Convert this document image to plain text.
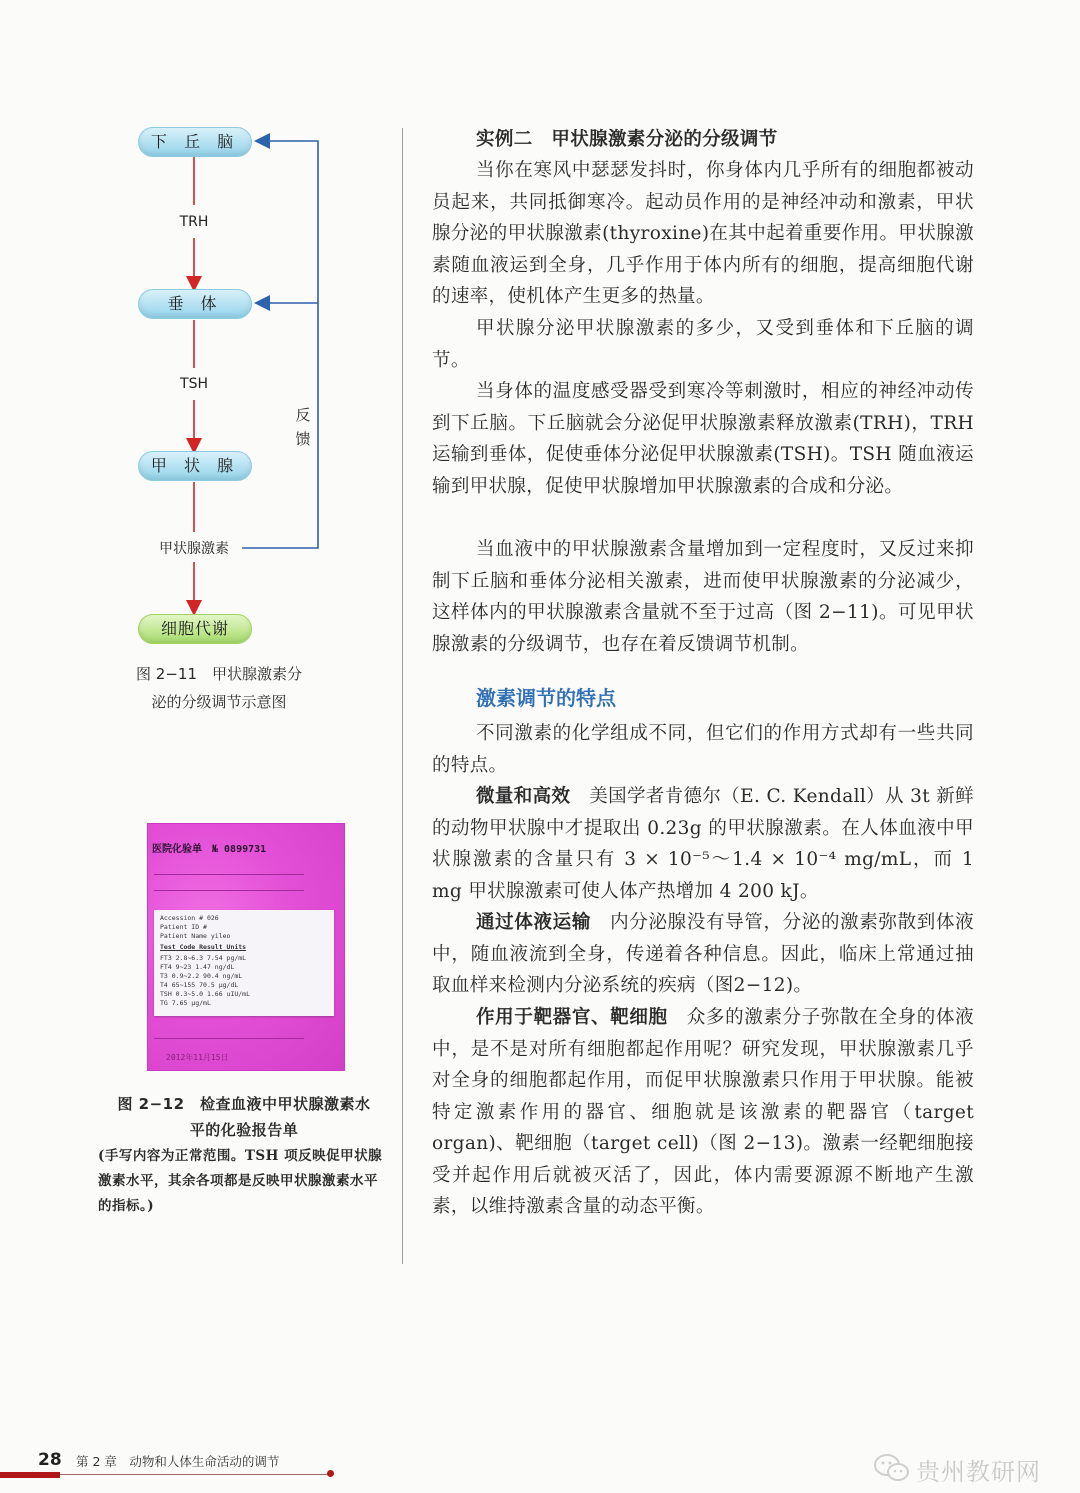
下 丘 脑
TRH
垂 体
TSH
甲 状 腺
甲状腺激素
细胞代谢
反
馈
图 2−11　甲状腺激素分
泌的分级调节示意图
医院化验单　№ 0899731
Accession # 026
Patient ID #
Patient Name yileo
Test Code Result Units
FT3 2.8~6.3 7.54 pg/mL
FT4 9~23 1.47 ng/dL
T3 0.9~2.2 90.4 ng/mL
T4 65~155 70.5 μg/dL
TSH 0.3~5.0 1.66 uIU/mL
TG 7.65 μg/mL
2012年11月15日
图 2−12　检查血液中甲状腺激素水
平的化验报告单
(手写内容为正常范围。TSH 项反映促甲状腺激素水平，其余各项都是反映甲状腺激素水平的指标。)
实例二　甲状腺激素分泌的分级调节
当你在寒风中瑟瑟发抖时，你身体内几乎所有的细胞都被动员起来，共同抵御寒冷。起动员作用的是神经冲动和激素，甲状腺分泌的甲状腺激素(thyroxine)在其中起着重要作用。甲状腺激素随血液运到全身，几乎作用于体内所有的细胞，提高细胞代谢的速率，使机体产生更多的热量。
甲状腺分泌甲状腺激素的多少，又受到垂体和下丘脑的调节。
当身体的温度感受器受到寒冷等刺激时，相应的神经冲动传到下丘脑。下丘脑就会分泌促甲状腺激素释放激素(TRH)，TRH 运输到垂体，促使垂体分泌促甲状腺激素(TSH)。TSH 随血液运输到甲状腺，促使甲状腺增加甲状腺激素的合成和分泌。
当血液中的甲状腺激素含量增加到一定程度时，又反过来抑制下丘脑和垂体分泌相关激素，进而使甲状腺激素的分泌减少，这样体内的甲状腺激素含量就不至于过高（图 2−11)。可见甲状腺激素的分级调节，也存在着反馈调节机制。
激素调节的特点
不同激素的化学组成不同，但它们的作用方式却有一些共同的特点。
微量和高效　美国学者肯德尔（E. C. Kendall）从 3t 新鲜的动物甲状腺中才提取出 0.23g 的甲状腺激素。在人体血液中甲状腺激素的含量只有 3 × 10⁻⁵～1.4 × 10⁻⁴ mg/mL，而 1 mg 甲状腺激素可使人体产热增加 4 200 kJ。
通过体液运输　内分泌腺没有导管，分泌的激素弥散到体液中，随血液流到全身，传递着各种信息。因此，临床上常通过抽取血样来检测内分泌系统的疾病（图2−12)。
作用于靶器官、靶细胞　众多的激素分子弥散在全身的体液中，是不是对所有细胞都起作用呢？研究发现，甲状腺激素几乎对全身的细胞都起作用，而促甲状腺激素只作用于甲状腺。能被特定激素作用的器官、细胞就是该激素的靶器官（target organ)、靶细胞（target cell)（图 2−13)。激素一经靶细胞接受并起作用后就被灭活了，因此，体内需要源源不断地产生激素，以维持激素含量的动态平衡。
28 第 2 章　动物和人体生命活动的调节	贵州教研网
